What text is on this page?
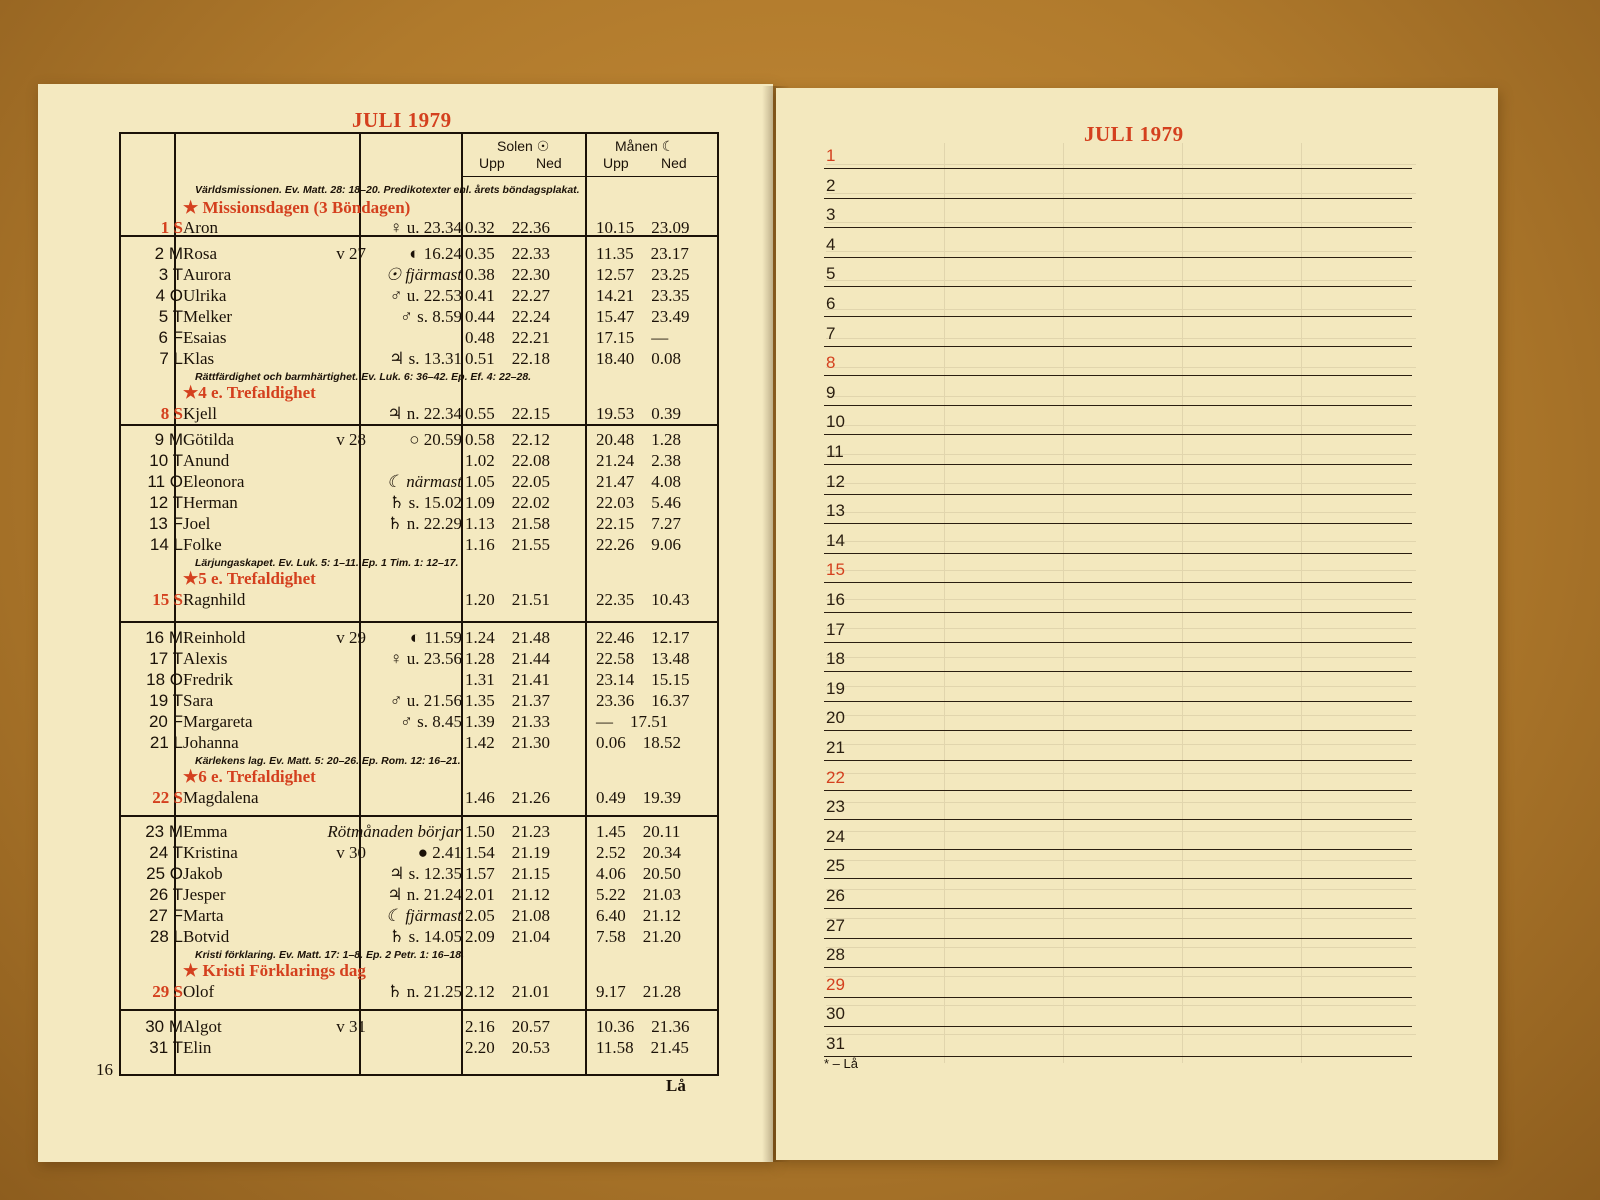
JULI 1979
Solen ☉
Upp Ned
Månen ☾
Upp Ned
Världsmissionen. Ev. Matt. 28: 18–20. Predikotexter enl. årets böndagsplakat.
★ Missionsdagen (3 Böndagen)
1 S Aron	♀ u. 23.34 0.32 22.36	10.15 23.09
2 M Rosa	v 27	◐ 16.24 0.35 22.33	11.35 23.17
3 T Aurora	☉ fjärmast 0.38 22.30	12.57 23.25
4 O Ulrika	♂ u. 22.53 0.41 22.27	14.21 23.35
5 T Melker	♂ s. 8.59 0.44 22.24	15.47 23.49
6 F Esaias	0.48 22.21	17.15 —
7 L Klas	♃ s. 13.31 0.51 22.18	18.40 0.08
Rättfärdighet och barmhärtighet. Ev. Luk. 6: 36–42. Ep. Ef. 4: 22–28.
★4 e. Trefaldighet
8 S Kjell	♃ n. 22.34 0.55 22.15	19.53 0.39
9 M Götilda	v 28	○ 20.59 0.58 22.12	20.48 1.28
10 T Anund	1.02 22.08	21.24 2.38
11 O Eleonora	☾ närmast 1.05 22.05	21.47 4.08
12 T Herman	♄ s. 15.02 1.09 22.02	22.03 5.46
13 F Joel	♄ n. 22.29 1.13 21.58	22.15 7.27
14 L Folke	1.16 21.55	22.26 9.06
Lärjungaskapet. Ev. Luk. 5: 1–11. Ep. 1 Tim. 1: 12–17.
★5 e. Trefaldighet
15 S Ragnhild	1.20 21.51	22.35 10.43
16 M Reinhold	v 29	◐ 11.59 1.24 21.48	22.46 12.17
17 T Alexis	♀ u. 23.56 1.28 21.44	22.58 13.48
18 O Fredrik	1.31 21.41	23.14 15.15
19 T Sara	♂ u. 21.56 1.35 21.37	23.36 16.37
20 F Margareta	♂ s. 8.45 1.39 21.33	— 17.51
21 L Johanna	1.42 21.30	0.06 18.52
Kärlekens lag. Ev. Matt. 5: 20–26. Ep. Rom. 12: 16–21.
★6 e. Trefaldighet
22 S Magdalena	1.46 21.26	0.49 19.39
23 M Emma	Rötmånaden börjar 1.50 21.23	1.45 20.11
24 T Kristina	v 30	● 2.41 1.54 21.19	2.52 20.34
25 O Jakob	♃ s. 12.35 1.57 21.15	4.06 20.50
26 T Jesper	♃ n. 21.24 2.01 21.12	5.22 21.03
27 F Marta	☾ fjärmast 2.05 21.08	6.40 21.12
28 L Botvid	♄ s. 14.05 2.09 21.04	7.58 21.20
Kristi förklaring. Ev. Matt. 17: 1–8. Ep. 2 Petr. 1: 16–18.
★ Kristi Förklarings dag
29 S Olof	♄ n. 21.25 2.12 21.01	9.17 21.28
30 M Algot	v 31	2.16 20.57	10.36 21.36
31 T Elin	2.20 20.53	11.58 21.45
16
Lå
JULI 1979
1
2
3
4
5
6
7
8
9
10
11
12
13
14
15
16
17
18
19
20
21
22
23
24
25
26
27
28
29
30
31
* – Lå
